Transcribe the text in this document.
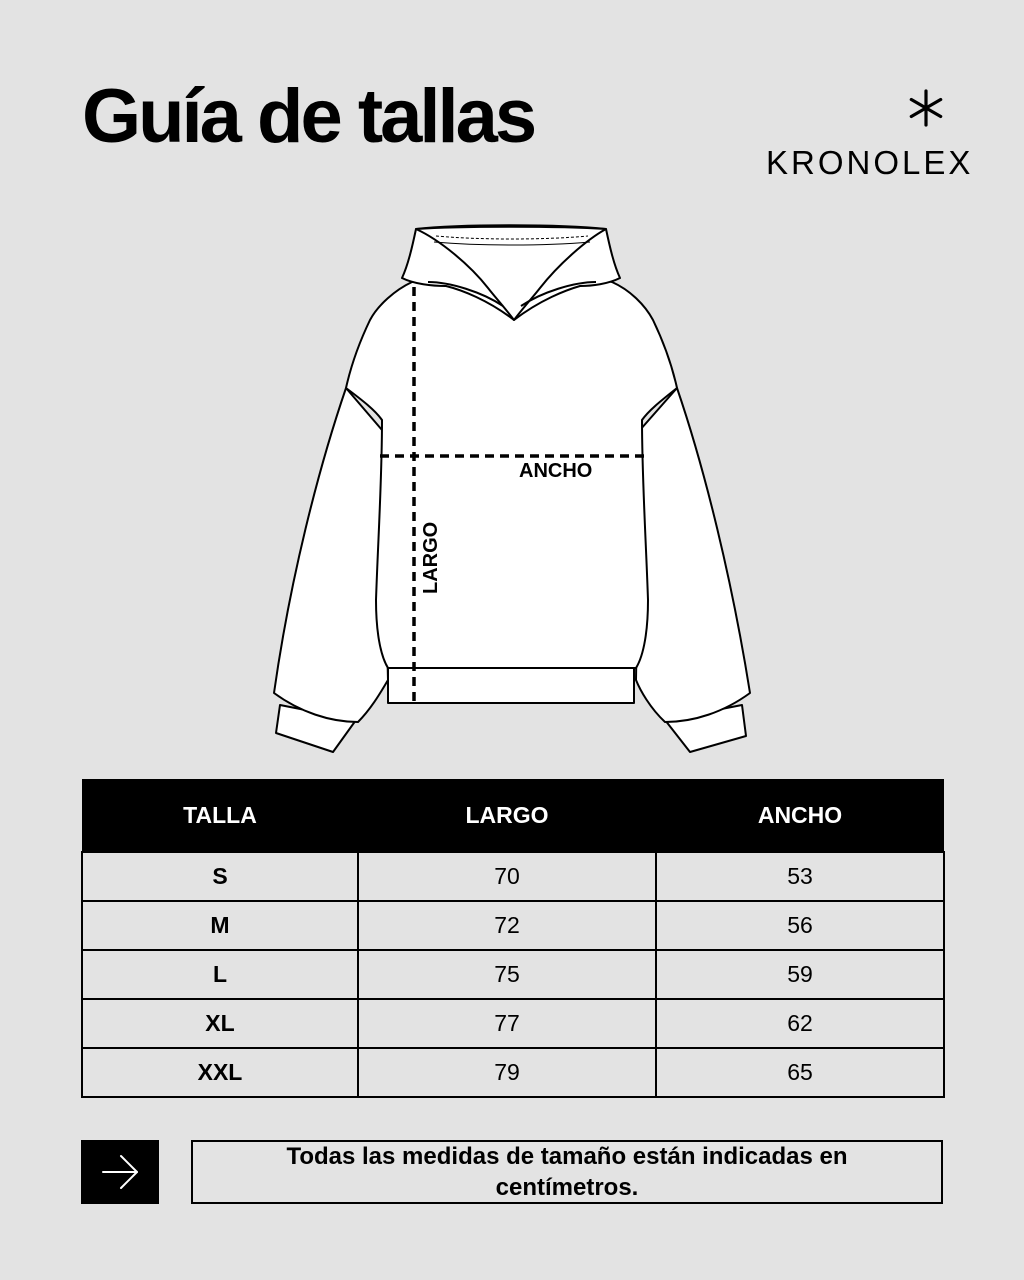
Guía de tallas
KRONOLEX
ANCHO
LARGO
TALLA	LARGO	ANCHO
S	70	53
M	72	56
L	75	59
XL	77	62
XXL	79	65
Todas las medidas de tamaño están indicadas en centímetros.
